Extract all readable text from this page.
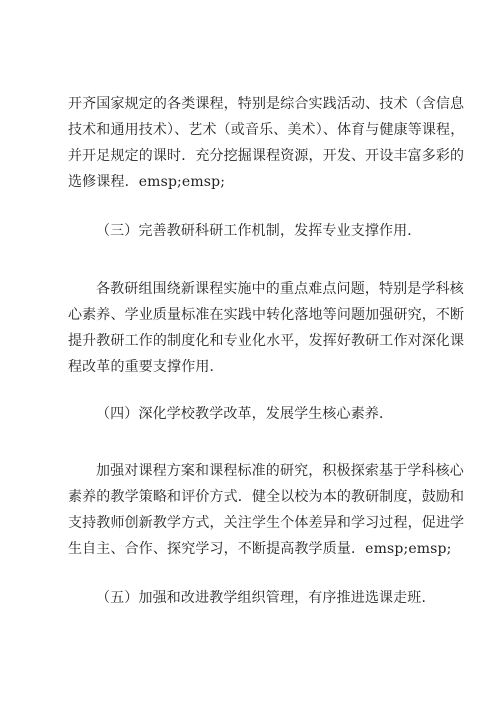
开齐国家规定的各类课程，特别是综合实践活动、技术（含信息
技术和通用技术）、艺术（或音乐、美术）、体育与健康等课程，
并开足规定的课时．充分挖掘课程资源，开发、开设丰富多彩的
选修课程．emsp;emsp;
（三）完善教研科研工作机制，发挥专业支撑作用．
各教研组围绕新课程实施中的重点难点问题，特别是学科核
心素养、学业质量标准在实践中转化落地等问题加强研究，不断
提升教研工作的制度化和专业化水平，发挥好教研工作对深化课
程改革的重要支撑作用．
（四）深化学校教学改革，发展学生核心素养．
加强对课程方案和课程标准的研究，积极探索基于学科核心
素养的教学策略和评价方式．健全以校为本的教研制度，鼓励和
支持教师创新教学方式，关注学生个体差异和学习过程，促进学
生自主、合作、探究学习，不断提高教学质量．emsp;emsp;
（五）加强和改进教学组织管理，有序推进选课走班．
